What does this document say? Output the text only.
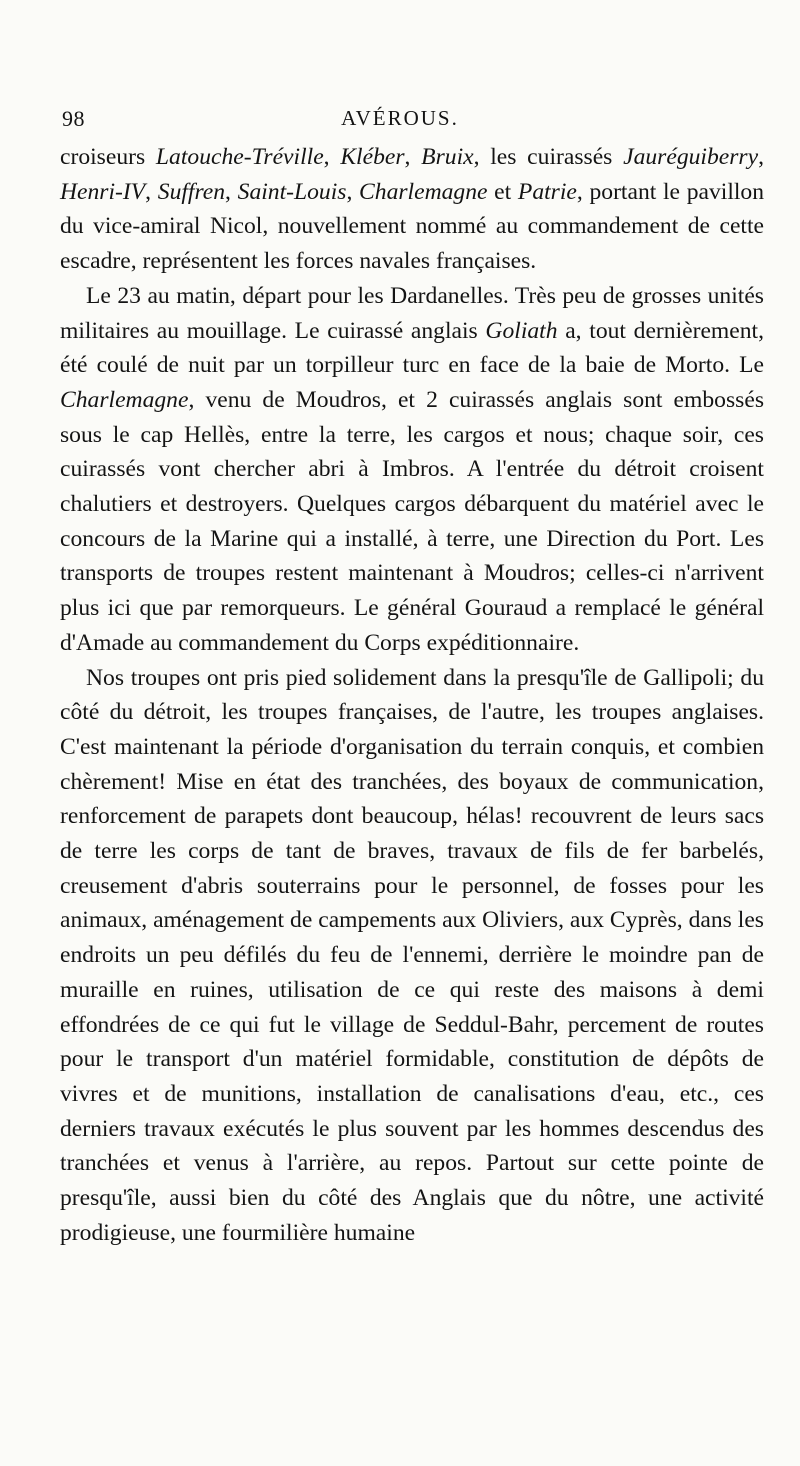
98	AVÉROUS.

croiseurs Latouche-Tréville, Kléber, Bruix, les cuirassés Jauréguiberry, Henri-IV, Suffren, Saint-Louis, Charlemagne et Patrie, portant le pavillon du vice-amiral Nicol, nouvellement nommé au commandement de cette escadre, représentent les forces navales françaises.

Le 23 au matin, départ pour les Dardanelles. Très peu de grosses unités militaires au mouillage. Le cuirassé anglais Goliath a, tout dernièrement, été coulé de nuit par un torpilleur turc en face de la baie de Morto. Le Charlemagne, venu de Moudros, et 2 cuirassés anglais sont embossés sous le cap Hellès, entre la terre, les cargos et nous; chaque soir, ces cuirassés vont chercher abri à Imbros. A l'entrée du détroit croisent chalutiers et destroyers. Quelques cargos débarquent du matériel avec le concours de la Marine qui a installé, à terre, une Direction du Port. Les transports de troupes restent maintenant à Moudros; celles-ci n'arrivent plus ici que par remorqueurs. Le général Gouraud a remplacé le général d'Amade au commandement du Corps expéditionnaire.

Nos troupes ont pris pied solidement dans la presqu'île de Gallipoli; du côté du détroit, les troupes françaises, de l'autre, les troupes anglaises. C'est maintenant la période d'organisation du terrain conquis, et combien chèrement! Mise en état des tranchées, des boyaux de communication, renforcement de parapets dont beaucoup, hélas! recouvrent de leurs sacs de terre les corps de tant de braves, travaux de fils de fer barbelés, creusement d'abris souterrains pour le personnel, de fosses pour les animaux, aménagement de campements aux Oliviers, aux Cyprès, dans les endroits un peu défilés du feu de l'ennemi, derrière le moindre pan de muraille en ruines, utilisation de ce qui reste des maisons à demi effondrées de ce qui fut le village de Seddul-Bahr, percement de routes pour le transport d'un matériel formidable, constitution de dépôts de vivres et de munitions, installation de canalisations d'eau, etc., ces derniers travaux exécutés le plus souvent par les hommes descendus des tranchées et venus à l'arrière, au repos. Partout sur cette pointe de presqu'île, aussi bien du côté des Anglais que du nôtre, une activité prodigieuse, une fourmilière humaine
